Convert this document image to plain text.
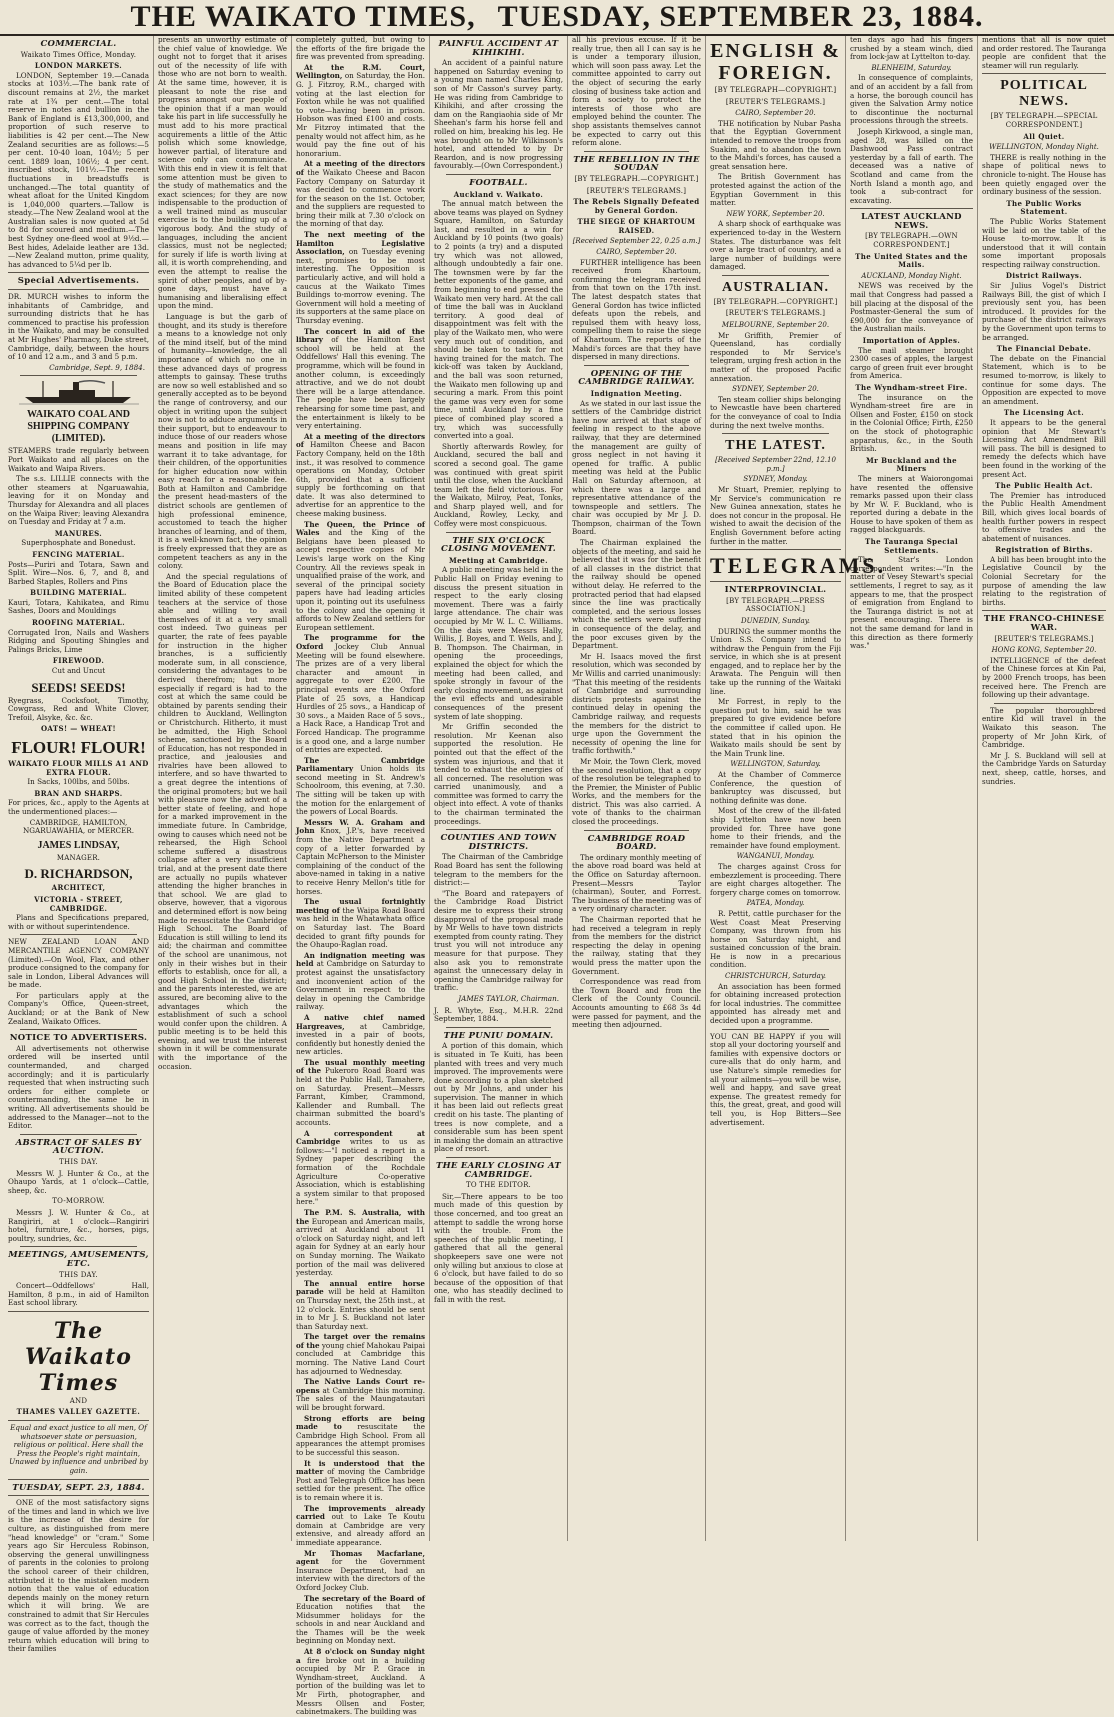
THE WAIKATO TIMES, TUESDAY, SEPTEMBER 23, 1884.
COMMERCIAL.
Waikato Times Office, Monday.
LONDON MARKETS.

LONDON, September 19.—Canada stocks at 103½.—The bank rate of discount remains at 2½, the market rate at 1¾ per cent.—The total reserve in notes and bullion in the Bank of England is £13,300,000, and proportion of such reserve to liabilities is 42 per cent.—The New Zealand securities are as follows:—5 per cent. 10-40 loan, 104½; 5 per cent. 1889 loan, 106½; 4 per cent. inscribed stock, 101½.—The recent fluctuations in breadstuffs is unchanged.—The total quantity of wheat afloat for the United Kingdom is 1,040,000 quarters.—Tallow is steady.—The New Zealand wool at the Australian sales is now quoted at 5d to 8d for scoured and medium.—The best Sydney one-fleed wool at 9½d.—Best hides, Adelaide leather are 13d.—New Zealand mutton, prime quality, has advanced to 5¼d per lb.

Special Advertisements.

DR. MURCH wishes to inform the inhabitants of Cambridge, and surrounding districts that he has commenced to practise his profession in the Waikato, and may be consulted at Mr Hughes' Pharmacy, Duke street, Cambridge, daily, between the hours of 10 and 12 a.m., and 3 and 5 p.m.

Cambridge, Sept. 9, 1884.
WAIKATO COAL AND SHIPPING COMPANY (LIMITED).

STEAMERS trade regularly between Port Waikato and all places on the Waikato and Waipa Rivers.

The s.s. LILLIE connects with the other steamers at Ngaruawahia, leaving for it on Monday and Thursday for Alexandra and all places on the Waipa River; leaving Alexandra on Tuesday and Friday at 7 a.m.

MANURES.

Superphosphate and Bonedust.

FENCING MATERIAL.

Posts—Puriri and Totara, Sawn and Split. Wire—Nos. 6, 7, and 8, and Barbed Staples, Rollers and Pins

BUILDING MATERIAL.

Kauri, Totara, Kahikatea, and Rimu Sashes, Doors and Mouldings

ROOFING MATERIAL.

Corrugated Iron, Nails and Washers Ridging and Spouting Shingles and Palings Bricks, Lime

FIREWOOD.

Cut and Uncut

SEEDS! SEEDS!

Ryegrass, Cocksfoot, Timothy, Cowgrass, Red and White Clover, Trefoil, Alsyke, &c. &c.

OATS! — WHEAT!
FLOUR! FLOUR!
WAIKATO FLOUR MILLS A1 AND EXTRA FLOUR.

In Sacks, 100lbs, and 50lbs.

BRAN AND SHARPS.

For prices, &c., apply to the Agents at the undermentioned places:—

CAMBRIDGE, HAMILTON, NGARUAWAHIA, or MERCER.

JAMES LINDSAY,
MANAGER.
D. RICHARDSON,
ARCHITECT,
VICTORIA - STREET, CAMBRIDGE.

Plans and Specifications prepared, with or without superintendence.

NEW ZEALAND LOAN AND MERCANTILE AGENCY COMPANY (Limited).—On Wool, Flax, and other produce consigned to the company for sale in London, Liberal Advances will be made.

For particulars apply at the Company's Office, Queen-street, Auckland; or at the Bank of New Zealand, Waikato Offices.

NOTICE TO ADVERTISERS.

All advertisements not otherwise ordered will be inserted until countermanded, and charged accordingly; and it is particularly requested that when instructing such orders for either complete or countermanding, the same be in writing. All advertisements should be addressed to the Manager—not to the Editor.

ABSTRACT OF SALES BY AUCTION.
THIS DAY.

Messrs W. J. Hunter & Co., at the Ohaupo Yards, at 1 o'clock—Cattle, sheep, &c.

TO-MORROW.

Messrs J. W. Hunter & Co., at Rangiriri, at 1 o'clock—Rangiriri hotel, furniture, &c., horses, pigs, poultry, sundries, &c.

MEETINGS, AMUSEMENTS, ETC.
THIS DAY.

Concert—Oddfellows' Hall, Hamilton, 8 p.m., in aid of Hamilton East school library.

The Waikato Times
AND
THAMES VALLEY GAZETTE.

Equal and exact justice to all men, Of whatsoever state or persuasion, religious or political. Here shall the Press the People's right maintain, Unawed by influence and unbribed by gain.

TUESDAY, SEPT. 23, 1884.

ONE of the most satisfactory signs of the times and land in which we live is the increase of the desire for culture, as distinguished from mere "head knowledge" or "cram." Some years ago Sir Herculess Robinson, observing the general unwillingness of parents in the colonies to prolong the school career of their children, attributed it to the mistaken modern notion that the value of education depends mainly on the money return which it will bring. We are constrained to admit that Sir Hercules was correct as to the fact, though the gauge of value afforded by the money return which education will bring to their families

presents an unworthy estimate of the chief value of knowledge. We ought not to forget that it arises out of the necessity of life with those who are not born to wealth. At the same time, however, it is pleasant to note the rise and progress amongst our people of the opinion that if a man would take his part in life successfully he must add to his more practical acquirements a little of the Attic polish which some knowledge, however partial, of literature and science only can communicate. With this end in view it is felt that some attention must be given to the study of mathematics and the exact sciences; for they are now indispensable to the production of a well trained mind as muscular exercise is to the building up of a vigorous body. And the study of languages, including the ancient classics, must not be neglected; for surely if life is worth living at all, it is worth comprehending, and even the attempt to realise the spirit of other peoples, and of by-gone days, must have a humanising and liberalising effect upon the mind.

Language is but the garb of thought, and its study is therefore a means to a knowledge not only of the mind itself, but of the mind of humanity—knowledge, the all importance of which no one in these advanced days of progress attempts to gainsay. These truths are now so well established and so generally accepted as to be beyond the range of controversy, and our object in writing upon the subject now is not to adduce arguments in their support, but to endeavour to induce those of our readers whose means and position in life may warrant it to take advantage, for their children, of the opportunities for higher education now within easy reach for a reasonable fee. Both at Hamilton and Cambridge the present head-masters of the district schools are gentlemen of high professional eminence, accustomed to teach the higher branches of learning, and of them, it is a well-known fact, the opinion is freely expressed that they are as competent teachers as any in the colony.

And the special regulations of the Board of Education place the limited ability of these competent teachers at the service of those able and willing to avail themselves of it at a very small cost indeed. Two guineas per quarter, the rate of fees payable for instruction in the higher branches, is a sufficiently moderate sum, in all conscience, considering the advantages to be derived therefrom; but more especially if regard is had to the cost at which the same could be obtained by parents sending their children to Auckland, Wellington or Christchurch. Hitherto, it must be admitted, the High School scheme, sanctioned by the Board of Education, has not responded in practice, and jealousies and rivalries have been allowed to interfere, and so have thwarted to a great degree the intentions of the original promoters; but we hail with pleasure now the advent of a better state of feeling, and hope for a marked improvement in the immediate future. In Cambridge, owing to causes which need not be rehearsed, the High School scheme suffered a disastrous collapse after a very insufficient trial, and at the present date there are actually no pupils whatever attending the higher branches in that school. We are glad to observe, however, that a vigorous and determined effort is now being made to resuscitate the Cambridge High School. The Board of Education is still willing to lend its aid; the chairman and committee of the school are unanimous, not only in their wishes but in their efforts to establish, once for all, a good High School in the district; and the parents interested, we are assured, are becoming alive to the advantages which the establishment of such a school would confer upon the children. A public meeting is to be held this evening, and we trust the interest shown in it will be commensurate with the importance of the occasion.

completely gutted, but owing to the efforts of the fire brigade the fire was prevented from spreading.

At the R.M. Court, Wellington, on Saturday, the Hon. G. J. Fitzroy, R.M., charged with voting at the last election for Foxton while he was not qualified to vote—having been in prison. Hobson was fined £100 and costs. Mr Fitzroy intimated that the penalty would not affect him, as he would pay the fine out of his honorarium.

At a meeting of the directors of the Waikato Cheese and Bacon Factory Company on Saturday it was decided to commence work for the season on the 1st. October, and the suppliers are requested to bring their milk at 7.30 o'clock on the morning of that day.

The next meeting of the Hamilton Legislative Association, on Tuesday evening next, promises to be most interesting. The Opposition is particularly active, and will hold a caucus at the Waikato Times Buildings to-morrow evening. The Government will hold a meeting of its supporters at the same place on Thursday evening.

The concert in aid of the library of the Hamilton East school will be held at the Oddfellows' Hall this evening. The programme, which will be found in another column, is exceedingly attractive, and we do not doubt there will be a large attendance. The people have been largely rehearsing for some time past, and the entertainment is likely to be very entertaining.

At a meeting of the directors of Hamilton Cheese and Bacon Factory Company, held on the 18th inst., it was resolved to commence operations on Monday, October 6th, provided that a sufficient supply be forthcoming on that date. It was also determined to advertise for an apprentice to the cheese making business.

The Queen, the Prince of Wales and the King of the Belgians have been pleased to accept respective copies of Mr Lewis's large work on the King Country. All the reviews speak in unqualified praise of the work, and several of the principal society papers have had leading articles upon it, pointing out its usefulness to the colony and the opening it affords to New Zealand settlers for European settlement.

The programme for the Oxford Jockey Club Annual Meeting will be found elsewhere. The prizes are of a very liberal character and amount in aggregate to over £200. The principal events are the Oxford Plate of 25 sovs, a Handicap Hurdles of 25 sovs., a Handicap of 30 sovs., a Maiden Race of 5 sovs., a Hack Race, a Handicap Trot and Forced Handicap. The programme is a good one, and a large number of entries are expected.

The Cambridge Parliamentary Union holds its second meeting in St. Andrew's Schoolroom, this evening, at 7.30. The sitting will be taken up with the motion for the enlargement of the powers of Local Boards.

Messrs W. A. Graham and John Knox, J.P.'s, have received from the Native Department a copy of a letter forwarded by Captain McPherson to the Minister complaining of the conduct of the above-named in taking in a native to receive Henry Mellon's title for horses.

The usual fortnightly meeting of the Waipa Road Board was held in the Whatawhata office on Saturday last. The Board decided to grant fifty pounds for the Ohaupo-Raglan road.

An indignation meeting was held at Cambridge on Saturday to protest against the unsatisfactory and inconvenient action of the Government in respect to the delay in opening the Cambridge railway.

A native chief named Hargreaves, at Cambridge, invested in a pair of boots, confidently but honestly denied the new articles.

The usual monthly meeting of the Pukeroro Road Board was held at the Public Hall, Tamahere, on Saturday. Present—Messrs Farrant, Kimber, Crammond, Kallender and Rumball. The chairman submitted the board's accounts.

A correspondent at Cambridge writes to us as follows:—"I noticed a report in a Sydney paper describing the formation of the Rochdale Agriculture Co-operative Association, which is establishing a system similar to that proposed here."

The P.M. S. Australia, with the European and American mails, arrived at Auckland about 11 o'clock on Saturday night, and left again for Sydney at an early hour on Sunday morning. The Waikato portion of the mail was delivered yesterday.

The annual entire horse parade will be held at Hamilton on Thursday next, the 25th inst., at 12 o'clock. Entries should be sent in to Mr J. S. Buckland not later than Saturday next.

The target over the remains of the young chief Mahokau Paipai concluded at Cambridge this morning. The Native Land Court has adjourned to Wednesday.

The Native Lands Court re-opens at Cambridge this morning. The sales of the Maungatautari will be brought forward.

Strong efforts are being made to resuscitate the Cambridge High School. From all appearances the attempt promises to be successful this season.

It is understood that the matter of moving the Cambridge Post and Telegraph Office has been settled for the present. The office is to remain where it is.

The improvements already carried out to Lake Te Koutu domain at Cambridge are very extensive, and already afford an immediate appearance.

Mr Thomas Macfarlane, agent for the Government Insurance Department, had an interview with the directors of the Oxford Jockey Club.

The secretary of the Board of Education notifies that the Midsummer holidays for the schools in and near Auckland and the Thames will be the week beginning on Monday next.

At 8 o'clock on Sunday night a fire broke out in a building occupied by Mr P. Grace in Wyndham-street, Auckland. A portion of the building was let to Mr Firth, photographer, and Messrs Ollsen and Foster, cabinetmakers. The building was

PAINFUL ACCIDENT AT KIHIKIHI.

An accident of a painful nature happened on Saturday evening to a young man named Charles King, son of Mr Casson's survey party. He was riding from Cambridge to Kihikihi, and after crossing the dam on the Rangiaohia side of Mr Sheehan's farm his horse fell and rolled on him, breaking his leg. He was brought on to Mr Wilkinson's hotel, and attended to by Dr Reardon, and is now progressing favourably.—(Own Correspondent.)

FOOTBALL.
Auckland v. Waikato.

The annual match between the above teams was played on Sydney Square, Hamilton, on Saturday last, and resulted in a win for Auckland by 10 points (two goals) to 2 points (a try) and a disputed try which was not allowed, although undoubtedly a fair one. The townsmen were by far the better exponents of the game, and from beginning to end pressed the Waikato men very hard. At the call of time the ball was in Auckland territory. A good deal of disappointment was felt with the play of the Waikato men, who were very much out of condition, and should be taken to task for not having trained for the match. The kick-off was taken by Auckland, and the ball was soon returned, the Waikato men following up and securing a mark. From this point the game was very even for some time, until Auckland by a fine piece of combined play scored a try, which was successfully converted into a goal.

Shortly afterwards Rowley, for Auckland, secured the ball and scored a second goal. The game was continued with great spirit until the close, when the Auckland team left the field victorious. For the Waikato, Milroy, Peat, Tonks, and Sharp played well, and for Auckland, Rowley, Lecky, and Coffey were most conspicuous.

THE SIX O'CLOCK CLOSING MOVEMENT.
Meeting at Cambridge.

A public meeting was held in the Public Hall on Friday evening to discuss the present situation in respect to the early closing movement. There was a fairly large attendance. The chair was occupied by Mr W. L. C. Williams. On the dais were Messrs Hally, Willis, J. Boyes, and T. Wells, and J. B. Thompson. The Chairman, in opening the proceedings, explained the object for which the meeting had been called, and spoke strongly in favour of the early closing movement, as against the evil effects and undesirable consequences of the present system of late shopping.

Mr Griffin seconded the resolution. Mr Keenan also supported the resolution. He pointed out that the effect of the system was injurious, and that it tended to exhaust the energies of all concerned. The resolution was carried unanimously, and a committee was formed to carry the object into effect. A vote of thanks to the chairman terminated the proceedings.

COUNTIES AND TOWN DISTRICTS.

The Chairman of the Cambridge Road Board has sent the following telegram to the members for the district:—

"The Board and ratepayers of the Cambridge Road District desire me to express their strong disapproval of the proposal made by Mr Wells to have town districts exempted from county rating. They trust you will not introduce any measure for that purpose. They also ask you to remonstrate against the unnecessary delay in opening the Cambridge railway for traffic.

JAMES TAYLOR, Chairman.

J. R. Whyte, Esq., M.H.R. 22nd September, 1884.

THE PUNIU DOMAIN.

A portion of this domain, which is situated in Te Kuiti, has been planted with trees and very much improved. The improvements were done according to a plan sketched out by Mr Johns, and under his supervision. The manner in which it has been laid out reflects great credit on his taste. The planting of trees is now complete, and a considerable sum has been spent in making the domain an attractive place of resort.

THE EARLY CLOSING AT CAMBRIDGE.
TO THE EDITOR.

Sir,—There appears to be too much made of this question by those concerned, and too great an attempt to saddle the wrong horse with the trouble. From the speeches of the public meeting, I gathered that all the general shopkeepers save one were not only willing but anxious to close at 6 o'clock, but have failed to do so because of the opposition of that one, who has steadily declined to fall in with the rest.

all his previous excuse. If it be really true, then all I can say is he is under a temporary illusion, which will soon pass away. Let the committee appointed to carry out the object of securing the early closing of business take action and form a society to protect the interests of those who are employed behind the counter. The shop assistants themselves cannot be expected to carry out this reform alone.

THE REBELLION IN THE SOUDAN
[BY TELEGRAPH.—COPYRIGHT.]
[REUTER'S TELEGRAMS.]
The Rebels Signally Defeated by General Gordon.
THE SIEGE OF KHARTOUM RAISED.
[Received September 22, 0.25 a.m.]
CAIRO, September 20.

FURTHER intelligence has been received from Khartoum, confirming the telegram received from that town on the 17th inst. The latest despatch states that General Gordon has twice inflicted defeats upon the rebels, and repulsed them with heavy loss, compelling them to raise the siege of Khartoum. The reports of the Mahdi's forces are that they have dispersed in many directions.

OPENING OF THE CAMBRIDGE RAILWAY.
Indignation Meeting.

As we stated in our last issue the settlers of the Cambridge district have now arrived at that stage of feeling in respect to the above railway, that they are determined the management are guilty of gross neglect in not having it opened for traffic. A public meeting was held at the Public Hall on Saturday afternoon, at which there was a large and representative attendance of the townspeople and settlers. The chair was occupied by Mr J. D. Thompson, chairman of the Town Board.

The Chairman explained the objects of the meeting, and said he believed that it was for the benefit of all classes in the district that the railway should be opened without delay. He referred to the protracted period that had elapsed since the line was practically completed, and the serious losses which the settlers were suffering in consequence of the delay, and the poor excuses given by the Department.

Mr H. Isaacs moved the first resolution, which was seconded by Mr Willis and carried unanimously: "That this meeting of the residents of Cambridge and surrounding districts protests against the continued delay in opening the Cambridge railway, and requests the members for the district to urge upon the Government the necessity of opening the line for traffic forthwith."

Mr Moir, the Town Clerk, moved the second resolution, that a copy of the resolution be telegraphed to the Premier, the Minister of Public Works, and the members for the district. This was also carried. A vote of thanks to the chairman closed the proceedings.

CAMBRIDGE ROAD BOARD.

The ordinary monthly meeting of the above road board was held at the Office on Saturday afternoon. Present—Messrs Taylor (chairman), Souter, and Forrest. The business of the meeting was of a very ordinary character.

The Chairman reported that he had received a telegram in reply from the members for the district respecting the delay in opening the railway, stating that they would press the matter upon the Government.

Correspondence was read from the Town Board and from the Clerk of the County Council. Accounts amounting to £68 3s 4d were passed for payment, and the meeting then adjourned.

ENGLISH & FOREIGN.
[BY TELEGRAPH—COPYRIGHT.]
[REUTER'S TELEGRAMS.]
CAIRO, September 20.

THE notification by Nubar Pasha that the Egyptian Government intended to remove the troops from Suakim, and to abandon the town to the Mahdi's forces, has caused a great sensation here.

The British Government has protested against the action of the Egyptian Government in this matter.

NEW YORK, September 20.

A sharp shock of earthquake was experienced to-day in the Western States. The disturbance was felt over a large tract of country, and a large number of buildings were damaged.

AUSTRALIAN.
[BY TELEGRAPH.—COPYRIGHT.]
[REUTER'S TELEGRAMS.]
MELBOURNE, September 20.

Mr Griffith, Premier of Queensland, has cordially responded to Mr Service's telegram, urging fresh action in the matter of the proposed Pacific annexation.

SYDNEY, September 20.

Ten steam collier ships belonging to Newcastle have been chartered for the conveyance of coal to India during the next twelve months.

THE LATEST.
[Received September 22nd, 12.10 p.m.]
SYDNEY, Monday.

Mr Stuart, Premier, replying to Mr Service's communication re New Guinea annexation, states he does not concur in the proposal. He wished to await the decision of the English Government before acting further in the matter.

TELEGRAMS.
INTERPROVINCIAL.
[BY TELEGRAPH.—PRESS ASSOCIATION.]
DUNEDIN, Sunday.

DURING the summer months the Union S.S. Company intend to withdraw the Penguin from the Fiji service, in which she is at present engaged, and to replace her by the Arawata. The Penguin will then take up the running of the Waitaki line.

Mr Forrest, in reply to the question put to him, said he was prepared to give evidence before the committee if called upon. He stated that in his opinion the Waikato mails should be sent by the Main Trunk line.

WELLINGTON, Saturday.

At the Chamber of Commerce Conference, the question of bankruptcy was discussed, but nothing definite was done.

Most of the crew of the ill-fated ship Lyttelton have now been provided for. Three have gone home to their friends, and the remainder have found employment.

WANGANUI, Monday.

The charges against Cross for embezzlement is proceeding. There are eight charges altogether. The forgery charge comes on tomorrow.

PATEA, Monday.

R. Pettit, cattle purchaser for the West Coast Meat Preserving Company, was thrown from his horse on Saturday night, and sustained concussion of the brain. He is now in a precarious condition.

CHRISTCHURCH, Saturday.

An association has been formed for obtaining increased protection for local industries. The committee appointed has already met and decided upon a programme.

YOU CAN BE HAPPY if you will stop all your doctoring yourself and families with expensive doctors or cure-alls that do only harm, and use Nature's simple remedies for all your ailments—you will be wise, well and happy, and save great expense. The greatest remedy for this, the great, great, and good will tell you, is Hop Bitters—See advertisement.

ten days ago had his fingers crushed by a steam winch, died from lock-jaw at Lyttelton to-day.

BLENHEIM, Saturday.

In consequence of complaints, and of an accident by a fall from a horse, the borough council has given the Salvation Army notice to discontinue the nocturnal processions through the streets.

Joseph Kirkwood, a single man, aged 28, was killed on the Dashwood Pass contract yesterday by a fall of earth. The deceased was a native of Scotland and came from the North Island a month ago, and took a sub-contract for excavating.

LATEST AUCKLAND NEWS.
[BY TELEGRAPH.—OWN CORRESPONDENT.]
The United States and the Mails.
AUCKLAND, Monday Night.

NEWS was received by the mail that Congress had passed a bill placing at the disposal of the Postmaster-General the sum of £90,000 for the conveyance of the Australian mails.

Importation of Apples.

The mail steamer brought 2300 cases of apples, the largest cargo of green fruit ever brought from America.

The Wyndham-street Fire.

The insurance on the Wyndham-street fire are in Ollsen and Foster, £150 on stock in the Colonial Office; Firth, £250 on the stock of photographic apparatus, &c., in the South British.

Mr Buckland and the Miners

The miners at Waiorongomai have resented the offensive remarks passed upon their class by Mr W. F. Buckland, who is reported during a debate in the House to have spoken of them as ragged blackguards.

The Tauranga Special Settlements.

The Star's London correspondent writes:—"In the matter of Vesey Stewart's special settlements, I regret to say, as it appears to me, that the prospect of emigration from England to the Tauranga district is not at present encouraging. There is not the same demand for land in this direction as there formerly was."

mentions that all is now quiet and order restored. The Tauranga people are confident that the steamer will run regularly.

POLITICAL NEWS.
[BY TELEGRAPH.—SPECIAL CORRESPONDENT.]
All Quiet.
WELLINGTON, Monday Night.

THERE is really nothing in the shape of political news to chronicle to-night. The House has been quietly engaged over the ordinary business of the session.

The Public Works Statement.

The Public Works Statement will be laid on the table of the House to-morrow. It is understood that it will contain some important proposals respecting railway construction.

District Railways.

Sir Julius Vogel's District Railways Bill, the gist of which I previously sent you, has been introduced. It provides for the purchase of the district railways by the Government upon terms to be arranged.

The Financial Debate.

The debate on the Financial Statement, which is to be resumed to-morrow, is likely to continue for some days. The Opposition are expected to move an amendment.

The Licensing Act.

It appears to be the general opinion that Mr Stewart's Licensing Act Amendment Bill will pass. The bill is designed to remedy the defects which have been found in the working of the present Act.

The Public Health Act.

The Premier has introduced the Public Health Amendment Bill, which gives local boards of health further powers in respect to offensive trades and the abatement of nuisances.

Registration of Births.

A bill has been brought into the Legislative Council by the Colonial Secretary for the purpose of amending the law relating to the registration of births.

THE FRANCO-CHINESE WAR.
[REUTER'S TELEGRAMS.]
HONG KONG, September 20.

INTELLIGENCE of the defeat of the Chinese forces at Kin Pai, by 2000 French troops, has been received here. The French are following up their advantage.

The popular thoroughbred entire Kid will travel in the Waikato this season. The property of Mr John Kirk, of Cambridge.

Mr J. S. Buckland will sell at the Cambridge Yards on Saturday next, sheep, cattle, horses, and sundries.
